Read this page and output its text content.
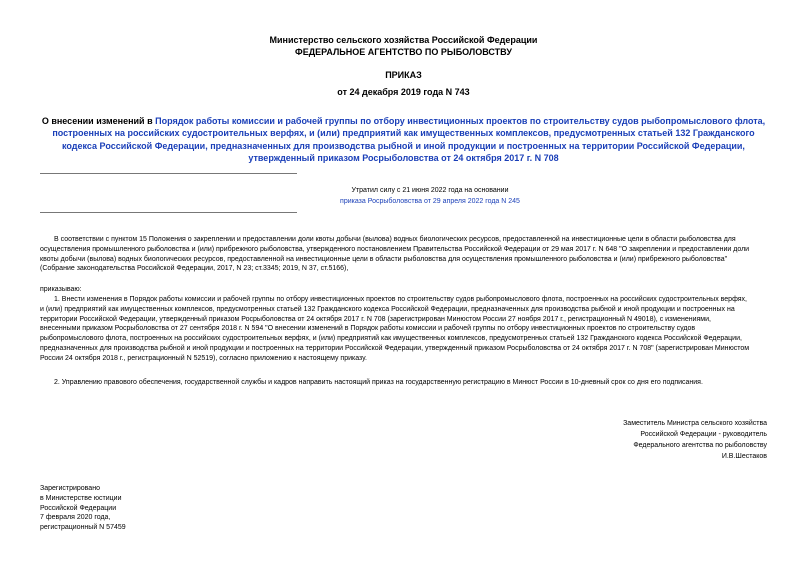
Министерство сельского хозяйства Российской Федерации
ФЕДЕРАЛЬНОЕ АГЕНТСТВО ПО РЫБОЛОВСТВУ
ПРИКАЗ
от 24 декабря 2019 года N 743
О внесении изменений в Порядок работы комиссии и рабочей группы по отбору инвестиционных проектов по строительству судов рыбопромыслового флота, построенных на российских судостроительных верфях, и (или) предприятий как имущественных комплексов, предусмотренных статьей 132 Гражданского кодекса Российской Федерации, предназначенных для производства рыбной и иной продукции и построенных на территории Российской Федерации, утвержденный приказом Росрыболовства от 24 октября 2017 г. N 708
Утратил силу с 21 июня 2022 года на основании
приказа Росрыболовства от 29 апреля 2022 года N 245
В соответствии с пунктом 15 Положения о закреплении и предоставлении доли квоты добычи (вылова) водных биологических ресурсов, предоставленной на инвестиционные цели в области рыболовства для
осуществления промышленного рыболовства и (или) прибрежного рыболовства, утвержденного постановлением Правительства Российской Федерации от 29 мая 2017 г. N 648 "О закреплении и предоставлении доли
квоты добычи (вылова) водных биологических ресурсов, предоставленной на инвестиционные цели в области рыболовства для осуществления промышленного рыболовства и (или) прибрежного рыболовства"
(Собрание законодательства Российской Федерации, 2017, N 23; ст.3345; 2019, N 37, ст.5166),
приказываю:
1. Внести изменения в Порядок работы комиссии и рабочей группы по отбору инвестиционных проектов по строительству судов рыбопромыслового флота, построенных на российских судостроительных верфях,
и (или) предприятий как имущественных комплексов, предусмотренных статьей 132 Гражданского кодекса Российской Федерации, предназначенных для производства рыбной и иной продукции и построенных на
территории Российской Федерации, утвержденный приказом Росрыболовства от 24 октября 2017 г. N 708 (зарегистрирован Минюстом России 27 ноября 2017 г., регистрационный N 49018), с изменениями,
внесенными приказом Росрыболовства от 27 сентября 2018 г. N 594 "О внесении изменений в Порядок работы комиссии и рабочей группы по отбору инвестиционных проектов по строительству судов
рыбопромыслового флота, построенных на российских судостроительных верфях, и (или) предприятий как имущественных комплексов, предусмотренных статьей 132 Гражданского кодекса Российской Федерации,
предназначенных для производства рыбной и иной продукции и построенных на территории Российской Федерации, утвержденный приказом Росрыболовства от 24 октября 2017 г. N 708" (зарегистрирован Минюстом
России 24 октября 2018 г., регистрационный N 52519), согласно приложению к настоящему приказу.
2. Управлению правового обеспечения, государственной службы и кадров направить настоящий приказ на государственную регистрацию в Минюст России в 10-дневный срок со дня его подписания.
Заместитель Министра сельского хозяйства
Российской Федерации - руководитель
Федерального агентства по рыболовству
И.В.Шестаков
Зарегистрировано
в Министерстве юстиции
Российской Федерации
7 февраля 2020 года,
регистрационный N 57459
